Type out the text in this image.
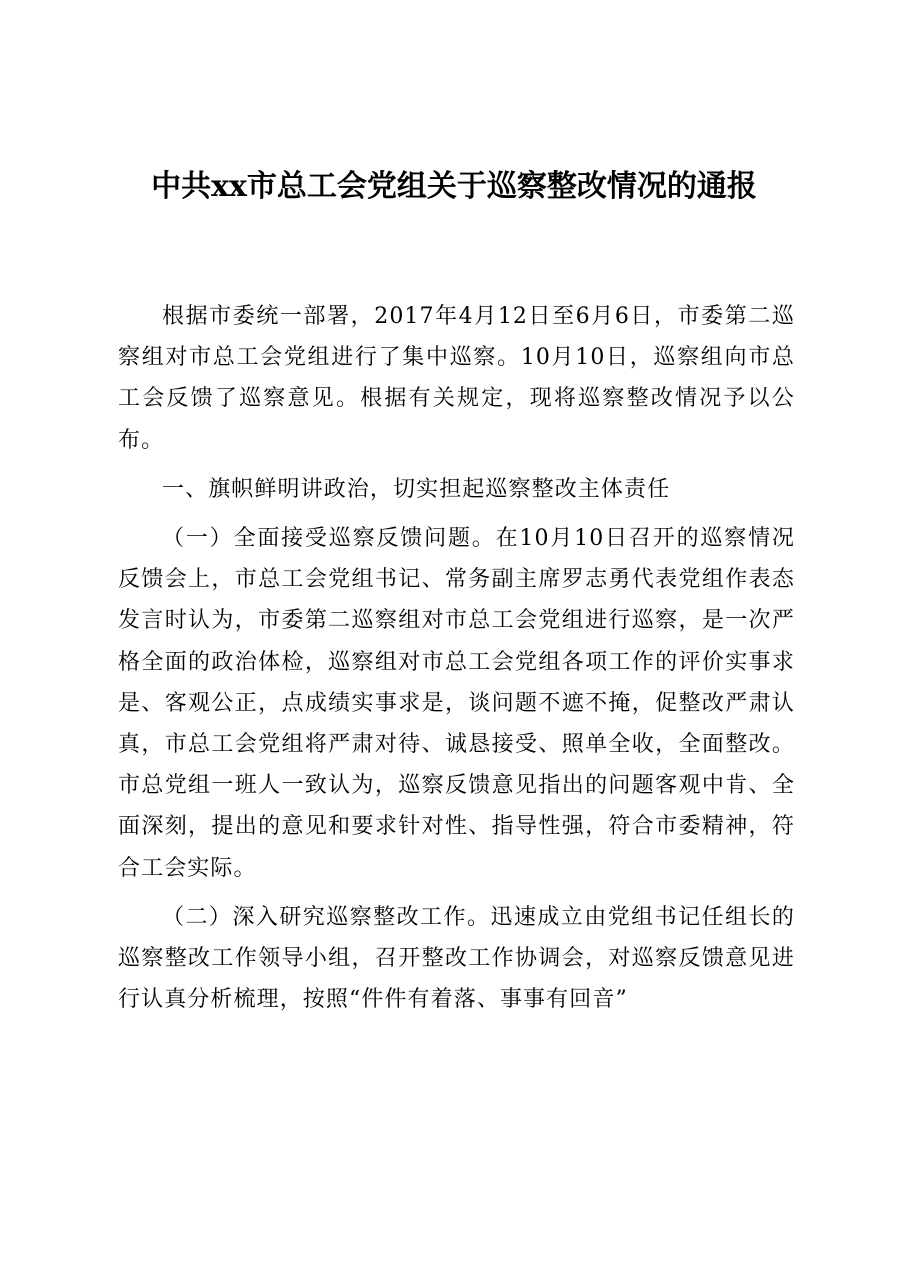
中共xx市总工会党组关于巡察整改情况的通报

根据市委统一部署，2017年4月12日至6月6日，市委第二巡察组对市总工会党组进行了集中巡察。10月10日，巡察组向市总工会反馈了巡察意见。根据有关规定，现将巡察整改情况予以公布。

一、旗帜鲜明讲政治，切实担起巡察整改主体责任

（一）全面接受巡察反馈问题。在10月10日召开的巡察情况反馈会上，市总工会党组书记、常务副主席罗志勇代表党组作表态发言时认为，市委第二巡察组对市总工会党组进行巡察，是一次严格全面的政治体检，巡察组对市总工会党组各项工作的评价实事求是、客观公正，点成绩实事求是，谈问题不遮不掩，促整改严肃认真，市总工会党组将严肃对待、诚恳接受、照单全收，全面整改。市总党组一班人一致认为，巡察反馈意见指出的问题客观中肯、全面深刻，提出的意见和要求针对性、指导性强，符合市委精神，符合工会实际。

（二）深入研究巡察整改工作。迅速成立由党组书记任组长的巡察整改工作领导小组，召开整改工作协调会，对巡察反馈意见进行认真分析梳理，按照“件件有着落、事事有回音”
